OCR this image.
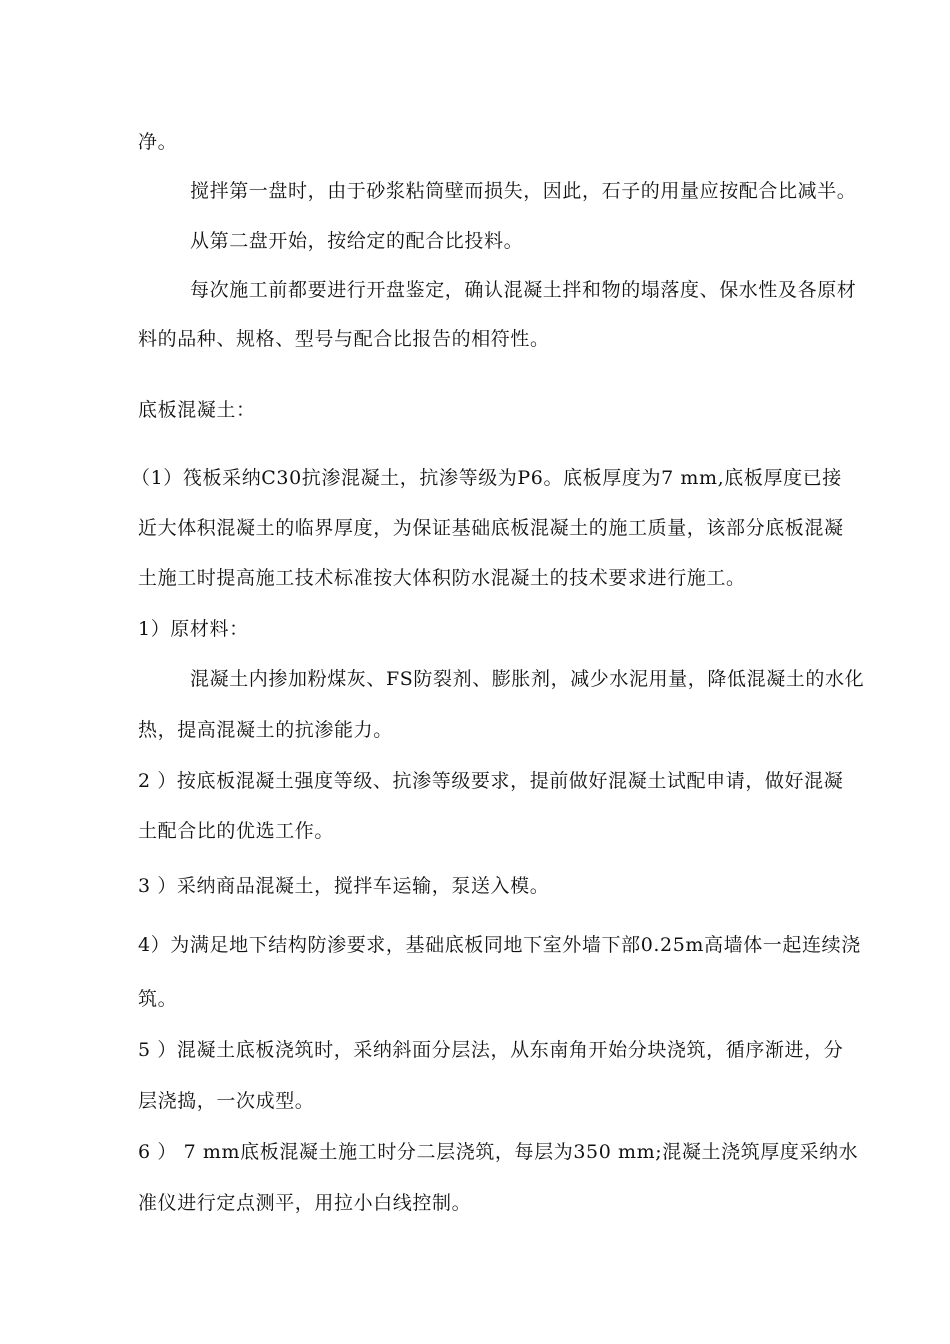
净。
搅拌第一盘时，由于砂浆粘筒壁而损失，因此，石子的用量应按配合比减半。
从第二盘开始，按给定的配合比投料。
每次施工前都要进行开盘鉴定，确认混凝土拌和物的塌落度、保水性及各原材
料的品种、规格、型号与配合比报告的相符性。
底板混凝土：
（1）筏板采纳C30抗渗混凝土，抗渗等级为P6。底板厚度为7 mm,底板厚度已接
近大体积混凝土的临界厚度，为保证基础底板混凝土的施工质量，该部分底板混凝
土施工时提高施工技术标准按大体积防水混凝土的技术要求进行施工。
1）原材料：
混凝土内掺加粉煤灰、FS防裂剂、膨胀剂，减少水泥用量，降低混凝土的水化
热，提高混凝土的抗渗能力。
2 ）按底板混凝土强度等级、抗渗等级要求，提前做好混凝土试配申请，做好混凝
土配合比的优选工作。
3 ）采纳商品混凝土，搅拌车运输，泵送入模。
4）为满足地下结构防渗要求，基础底板同地下室外墙下部0.25m高墙体一起连续浇
筑。
5 ）混凝土底板浇筑时，采纳斜面分层法，从东南角开始分块浇筑，循序渐进，分
层浇捣，一次成型。
6 ） 7 mm底板混凝土施工时分二层浇筑，每层为350 mm;混凝土浇筑厚度采纳水
准仪进行定点测平，用拉小白线控制。
